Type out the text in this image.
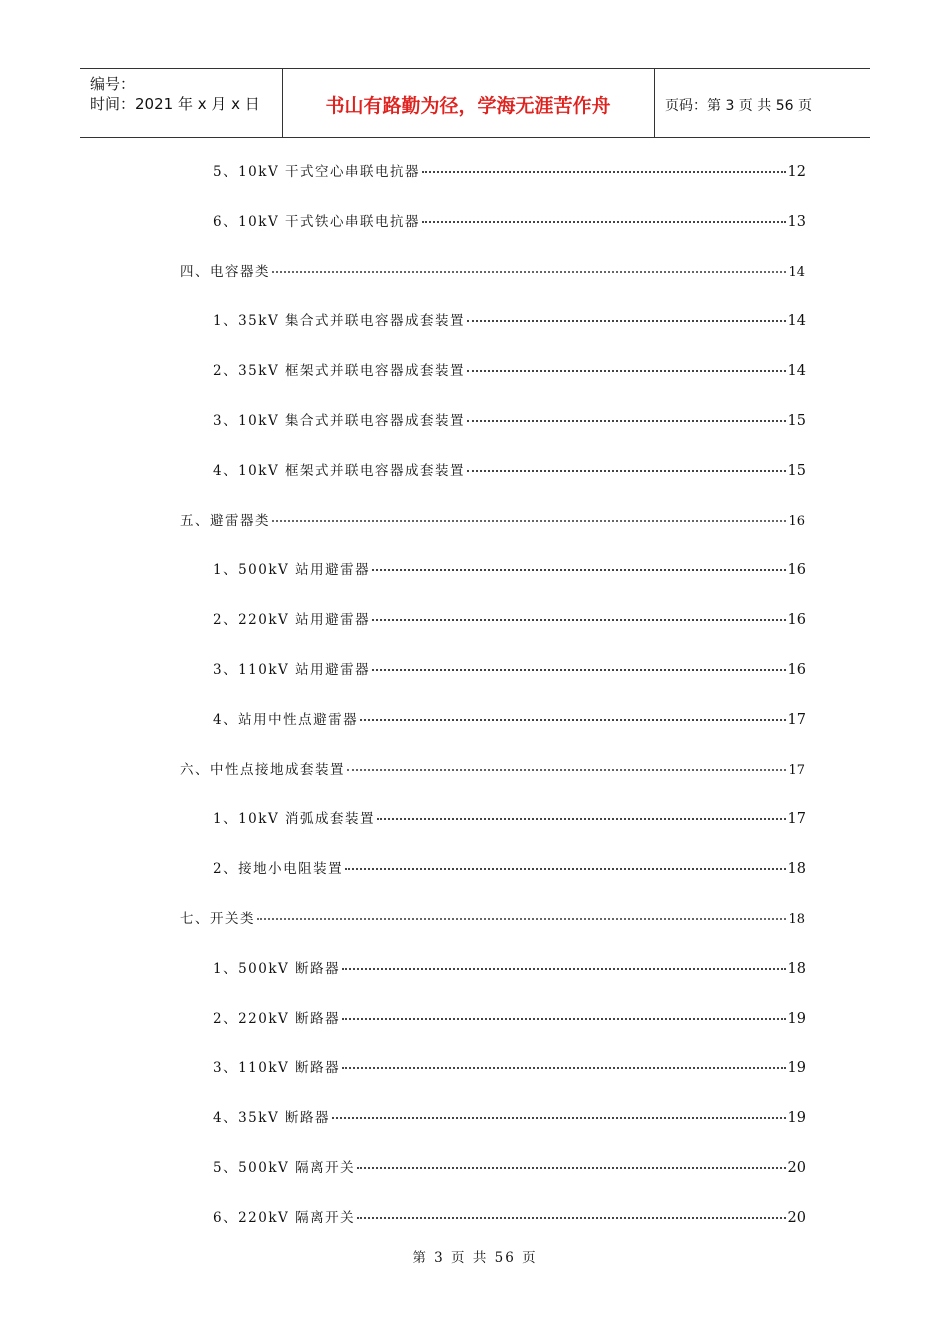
编号：
时间：2021 年 x 月 x 日	书山有路勤为径，学海无涯苦作舟	页码：第 3 页 共 56 页
5、10kV 干式空心串联电抗器	12
6、10kV 干式铁心串联电抗器	13
四、电容器类	14
1、35kV 集合式并联电容器成套装置	14
2、35kV 框架式并联电容器成套装置	14
3、10kV 集合式并联电容器成套装置	15
4、10kV 框架式并联电容器成套装置	15
五、避雷器类	16
1、500kV 站用避雷器	16
2、220kV 站用避雷器	16
3、110kV 站用避雷器	16
4、站用中性点避雷器	17
六、中性点接地成套装置	17
1、10kV 消弧成套装置	17
2、接地小电阻装置	18
七、开关类	18
1、500kV 断路器	18
2、220kV 断路器	19
3、110kV 断路器	19
4、35kV 断路器	19
5、500kV 隔离开关	20
6、220kV 隔离开关	20
第 3 页 共 56 页
